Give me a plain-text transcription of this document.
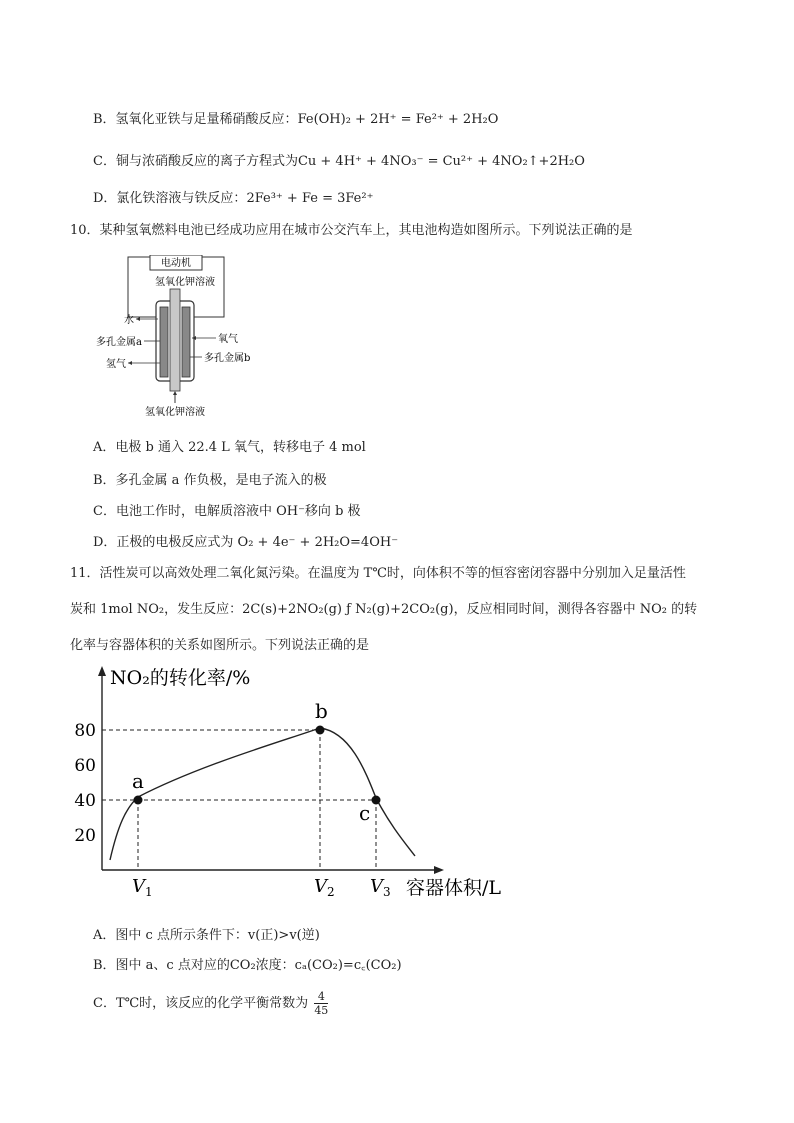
B．氢氧化亚铁与足量稀硝酸反应：Fe(OH)₂ + 2H⁺ = Fe²⁺ + 2H₂O
C．铜与浓硝酸反应的离子方程式为Cu + 4H⁺ + 4NO₃⁻ = Cu²⁺ + 4NO₂↑+2H₂O
D．氯化铁溶液与铁反应：2Fe³⁺ + Fe = 3Fe²⁺
10．某种氢氧燃料电池已经成功应用在城市公交汽车上，其电池构造如图所示。下列说法正确的是
电动机
氢氧化钾溶液
水
多孔金属a
氢气
氧气
多孔金属b
氢氧化钾溶液
A．电极 b 通入 22.4 L 氧气，转移电子 4 mol
B．多孔金属 a 作负极，是电子流入的极
C．电池工作时，电解质溶液中 OH⁻移向 b 极
D．正极的电极反应式为 O₂ + 4e⁻ + 2H₂O=4OH⁻
11．活性炭可以高效处理二氧化氮污染。在温度为 T℃时，向体积不等的恒容密闭容器中分别加入足量活性
炭和 1mol NO₂，发生反应：2C(s)+2NO₂(g) ƒ N₂(g)+2CO₂(g)，反应相同时间，测得各容器中 NO₂ 的转
化率与容器体积的关系如图所示。下列说法正确的是
NO₂的转化率/%
容器体积/L
80
60
40
20
$V_1$	$V_2$ $V_3$
a
b
c
A．图中 c 点所示条件下：v(正)>v(逆)
B．图中 a、c 点对应的CO₂浓度：cₐ(CO₂)=c꜀(CO₂)
C．T℃时，该反应的化学平衡常数为 $\frac{4}{45}$
